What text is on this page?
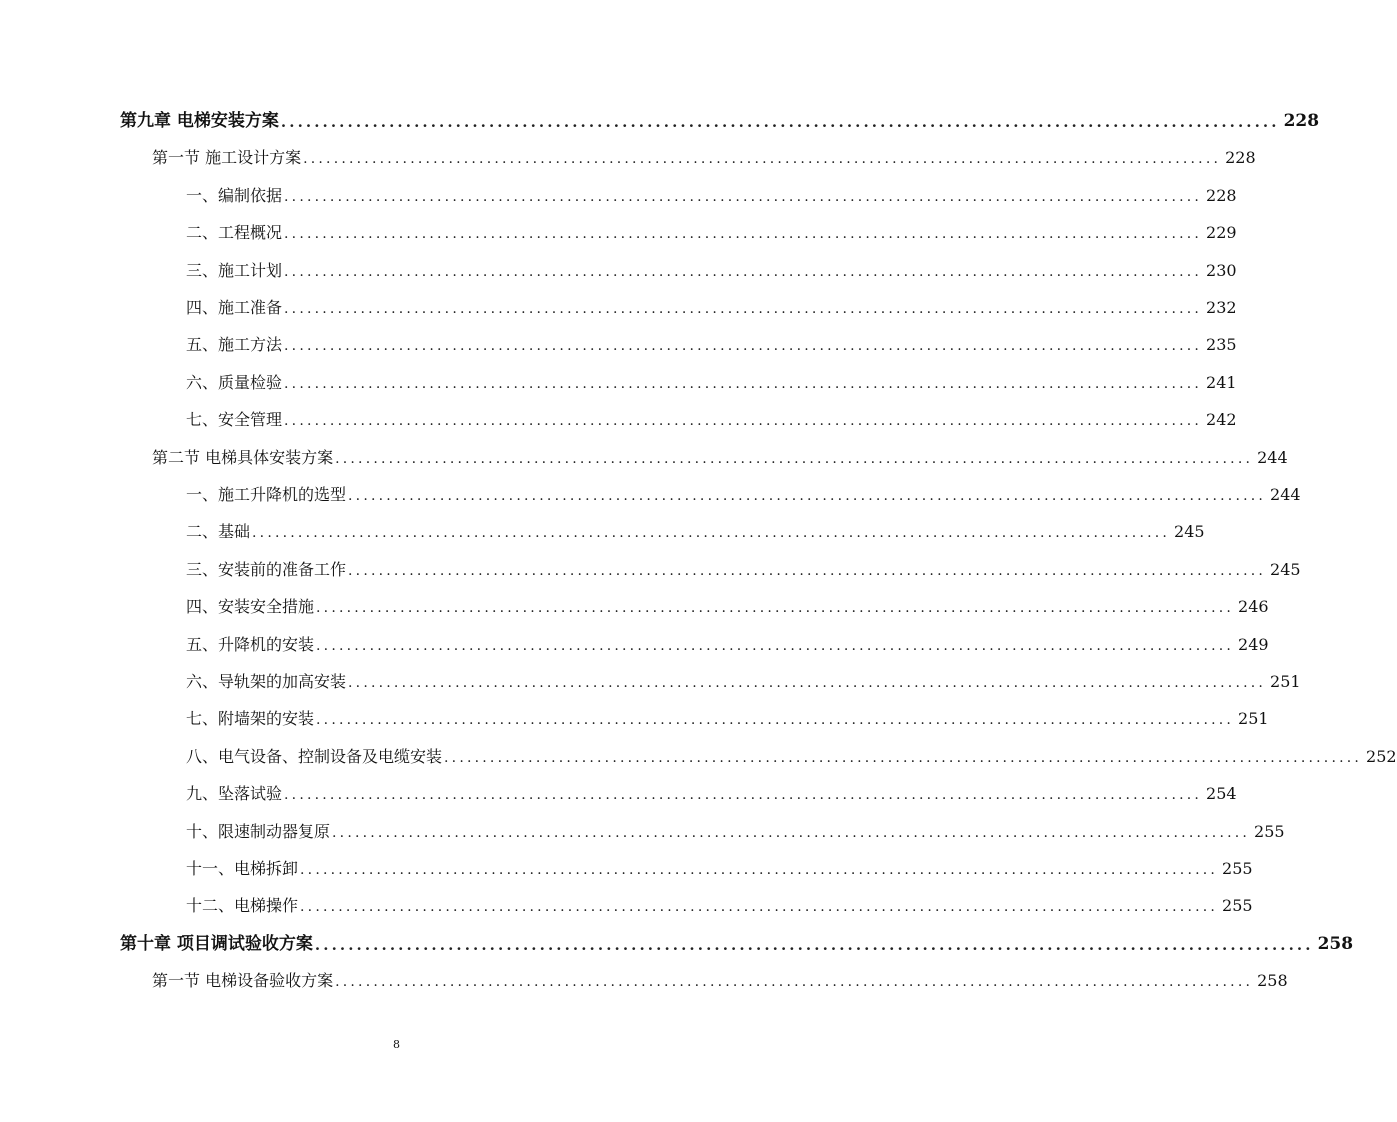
第九章 电梯安装方案 ........................................................................................................................ 228
第一节 施工设计方案 ........................................................................................................................ 228
一、编制依据 ........................................................................................................................ 228
二、工程概况 ........................................................................................................................ 229
三、施工计划 ........................................................................................................................ 230
四、施工准备 ........................................................................................................................ 232
五、施工方法 ........................................................................................................................ 235
六、质量检验 ........................................................................................................................ 241
七、安全管理 ........................................................................................................................ 242
第二节 电梯具体安装方案 ........................................................................................................................ 244
一、施工升降机的选型 ........................................................................................................................ 244
二、基础 ........................................................................................................................ 245
三、安装前的准备工作 ........................................................................................................................ 245
四、安装安全措施 ........................................................................................................................ 246
五、升降机的安装 ........................................................................................................................ 249
六、导轨架的加高安装 ........................................................................................................................ 251
七、附墙架的安装 ........................................................................................................................ 251
八、电气设备、控制设备及电缆安装 ........................................................................................................................ 252
九、坠落试验 ........................................................................................................................ 254
十、限速制动器复原 ........................................................................................................................ 255
十一、电梯拆卸 ........................................................................................................................ 255
十二、电梯操作 ........................................................................................................................ 255
第十章 项目调试验收方案 ........................................................................................................................ 258
第一节 电梯设备验收方案 ........................................................................................................................ 258
8
